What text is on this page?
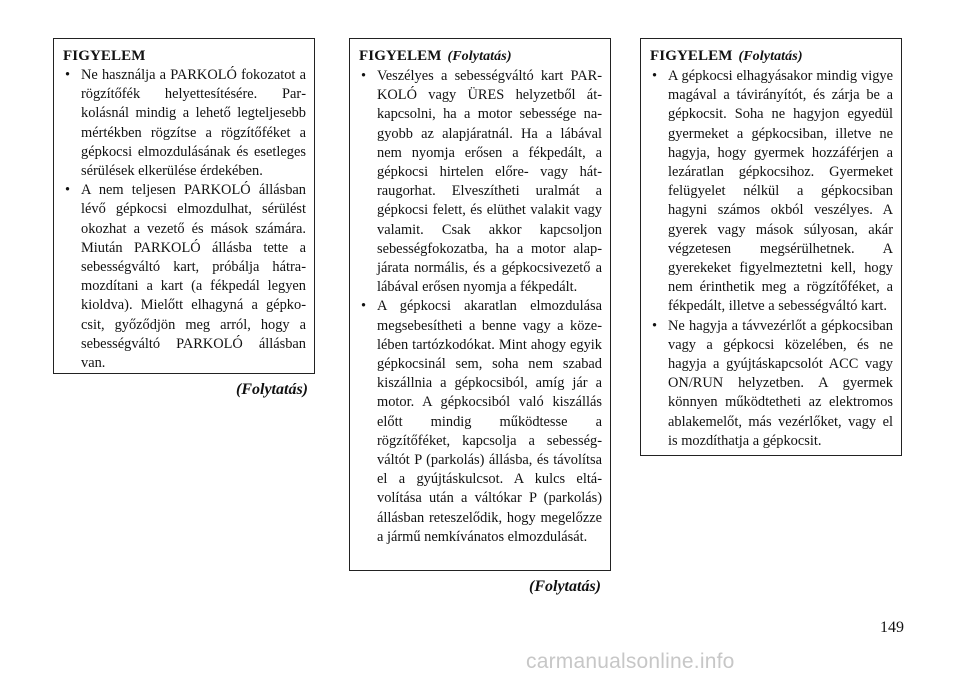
FIGYELEM
• Ne használja a PARKOLÓ fokozatot a rögzítőfék helyettesítésére. Parkolásnál mindig a lehető legteljesebb mértékben rögzítse a rögzítőféket a gépkocsi elmozdulásának és esetleges sérülések elkerülése érdekében.
• A nem teljesen PARKOLÓ állásban lévő gépkocsi elmozdulhat, sérülést okozhat a vezető és mások számára. Miután PARKOLÓ állásba tette a sebességváltó kart, próbálja hátramozdítani a kart (a fékpedál legyen kioldva). Mielőtt elhagyná a gépkocsit, győződjön meg arról, hogy a sebességváltó PARKOLÓ állásban van.
(Folytatás)
FIGYELEM (Folytatás)
• Veszélyes a sebességváltó kart PARKOLÓ vagy ÜRES helyzetből átkapcsolni, ha a motor sebessége nagyobb az alapjáratnál. Ha a lábával nem nyomja erősen a fékpedált, a gépkocsi hirtelen előre- vagy hátraugorhat. Elveszítheti uralmát a gépkocsi felett, és elüthet valakit vagy valamit. Csak akkor kapcsoljon sebességfokozatba, ha a motor alapjárata normális, és a gépkocsivezető a lábával erősen nyomja a fékpedált.
• A gépkocsi akaratlan elmozdulása megsebesítheti a benne vagy a közelében tartózkodókat. Mint ahogy egyik gépkocsinál sem, soha nem szabad kiszállnia a gépkocsiból, amíg jár a motor. A gépkocsiból való kiszállás előtt mindig működtesse a rögzítőféket, kapcsolja a sebességváltót P (parkolás) állásba, és távolítsa el a gyújtáskulcsot. A kulcs eltávolítása után a váltókar P (parkolás) állásban reteszelődik, hogy megelőzze a jármű nemkívánatos elmozdulását.
(Folytatás)
FIGYELEM (Folytatás)
• A gépkocsi elhagyásakor mindig vigye magával a távirányítót, és zárja be a gépkocsit. Soha ne hagyjon egyedül gyermeket a gépkocsiban, illetve ne hagyja, hogy gyermek hozzáférjen a lezáratlan gépkocsihoz. Gyermeket felügyelet nélkül a gépkocsiban hagyni számos okból veszélyes. A gyerek vagy mások súlyosan, akár végzetesen megsérülhetnek. A gyerekeket figyelmeztetni kell, hogy nem érinthetik meg a rögzítőféket, a fékpedált, illetve a sebességváltó kart.
• Ne hagyja a távvezérlőt a gépkocsiban vagy a gépkocsi közelében, és ne hagyja a gyújtáskapcsolót ACC vagy ON/RUN helyzetben. A gyermek könnyen működtetheti az elektromos ablakemelőt, más vezérlőket, vagy el is mozdíthatja a gépkocsit.
149
carmanualsonline.info
